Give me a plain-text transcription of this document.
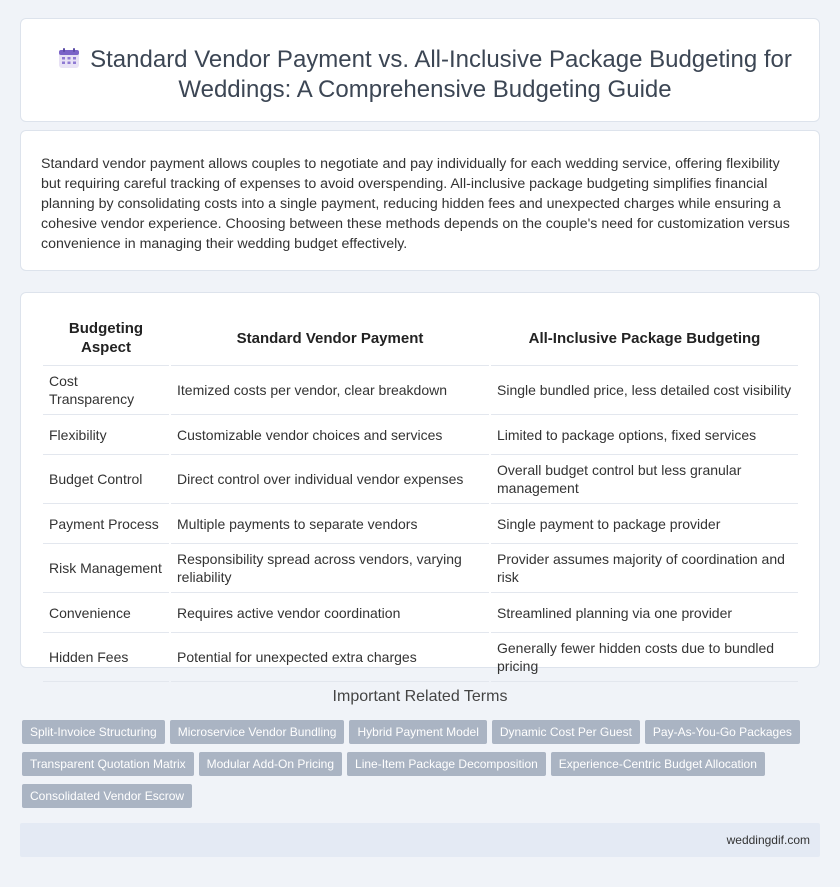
Standard Vendor Payment vs. All-Inclusive Package Budgeting for Weddings: A Comprehensive Budgeting Guide

Standard vendor payment allows couples to negotiate and pay individually for each wedding service, offering flexibility but requiring careful tracking of expenses to avoid overspending. All-inclusive package budgeting simplifies financial planning by consolidating costs into a single payment, reducing hidden fees and unexpected charges while ensuring a cohesive vendor experience. Choosing between these methods depends on the couple's need for customization versus convenience in managing their wedding budget effectively.

Budgeting Aspect	Standard Vendor Payment	All-Inclusive Package Budgeting
Cost Transparency	Itemized costs per vendor, clear breakdown	Single bundled price, less detailed cost visibility
Flexibility	Customizable vendor choices and services	Limited to package options, fixed services
Budget Control	Direct control over individual vendor expenses	Overall budget control but less granular management
Payment Process	Multiple payments to separate vendors	Single payment to package provider
Risk Management	Responsibility spread across vendors, varying reliability	Provider assumes majority of coordination and risk
Convenience	Requires active vendor coordination	Streamlined planning via one provider
Hidden Fees	Potential for unexpected extra charges	Generally fewer hidden costs due to bundled pricing
Important Related Terms
Split-Invoice Structuring Microservice Vendor Bundling Hybrid Payment Model Dynamic Cost Per Guest Pay-As-You-Go PackagesTransparent Quotation Matrix Modular Add-On Pricing Line-Item Package Decomposition Experience-Centric Budget AllocationConsolidated Vendor Escrow
weddingdif.com
